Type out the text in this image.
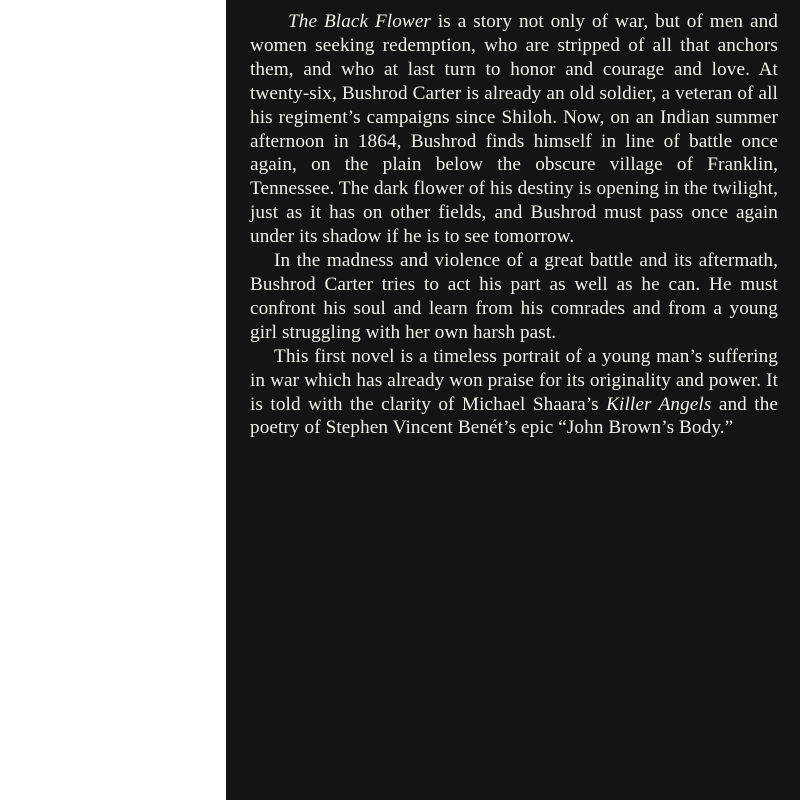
The Black Flower is a story not only of war, but of men and women seeking redemption, who are stripped of all that anchors them, and who at last turn to honor and courage and love. At twenty-six, Bushrod Carter is already an old soldier, a veteran of all his regiment’s campaigns since Shiloh. Now, on an Indian summer afternoon in 1864, Bushrod finds himself in line of battle once again, on the plain below the obscure village of Franklin, Tennessee. The dark flower of his destiny is opening in the twilight, just as it has on other fields, and Bushrod must pass once again under its shadow if he is to see tomorrow.

In the madness and violence of a great battle and its aftermath, Bushrod Carter tries to act his part as well as he can. He must confront his soul and learn from his comrades and from a young girl struggling with her own harsh past.

This first novel is a timeless portrait of a young man’s suffering in war which has already won praise for its originality and power. It is told with the clarity of Michael Shaara’s Killer Angels and the poetry of Stephen Vincent Benét’s epic “John Brown’s Body.”
